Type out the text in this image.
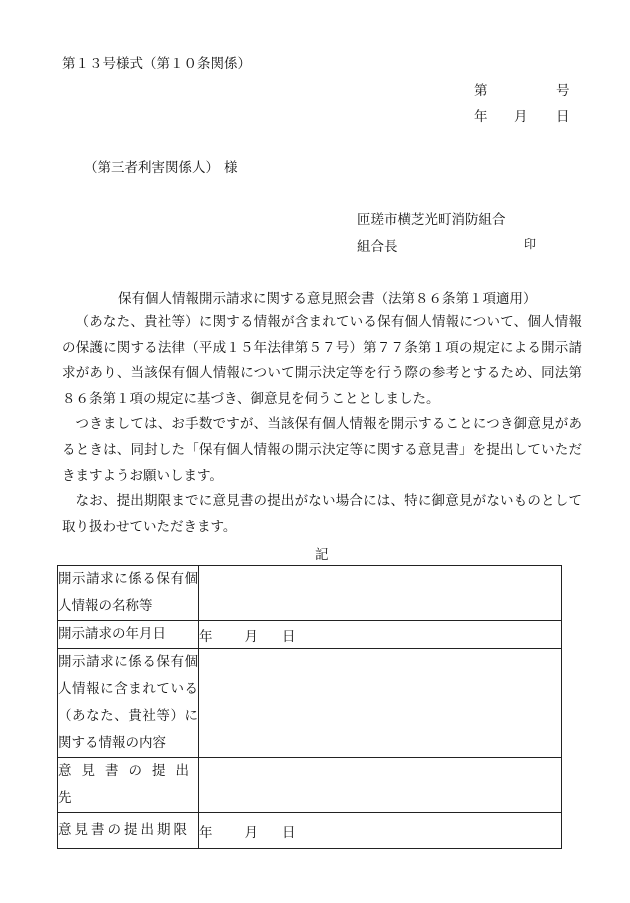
第１３号様式（第１０条関係）
第	号
年 月 日
（第三者利害関係人） 様
匝瑳市横芝光町消防組合
組合長	印
保有個人情報開示請求に関する意見照会書（法第８６条第１項適用）

（あなた、貴社等）に関する情報が含まれている保有個人情報について、個人情報の保護に関する法律（平成１５年法律第５７号）第７７条第１項の規定による開示請求があり、当該保有個人情報について開示決定等を行う際の参考とするため、同法第８６条第１項の規定に基づき、御意見を伺うこととしました。

つきましては、お手数ですが、当該保有個人情報を開示することにつき御意見があるときは、同封した「保有個人情報の開示決定等に関する意見書」を提出していただきますようお願いします。

なお、提出期限までに意見書の提出がない場合には、特に御意見がないものとして取り扱わせていただきます。

記
開示請求に係る保有個人情報の名称等	
開示請求の年月日	年 月 日

開示請求に係る保有個人情報に含まれている（あなた、貴社等）に関する情報の内容	

意見書の提出先	

意見書の提出期限	年 月 日
